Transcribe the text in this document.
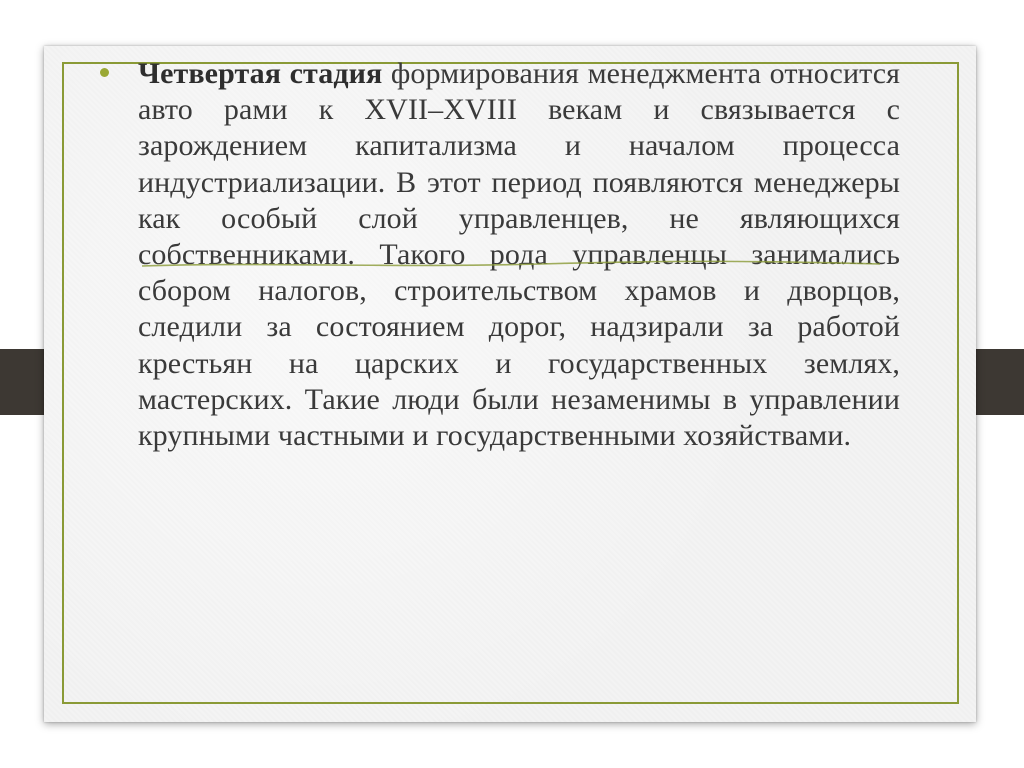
Четвертая стадия формирования менеджмента относится авто рами к XVII–XVIII векам и связывается с зарождением капитализма и началом процесса индустриализации. В этот период появляются менеджеры как особый слой управленцев, не являющихся собственниками. Такого рода управленцы занимались сбором налогов, строительством храмов и дворцов, следили за состоянием дорог, надзирали за работой крестьян на царских и государственных землях, мастерских. Такие люди были незаменимы в управлении крупными частными и государственными хозяйствами.
